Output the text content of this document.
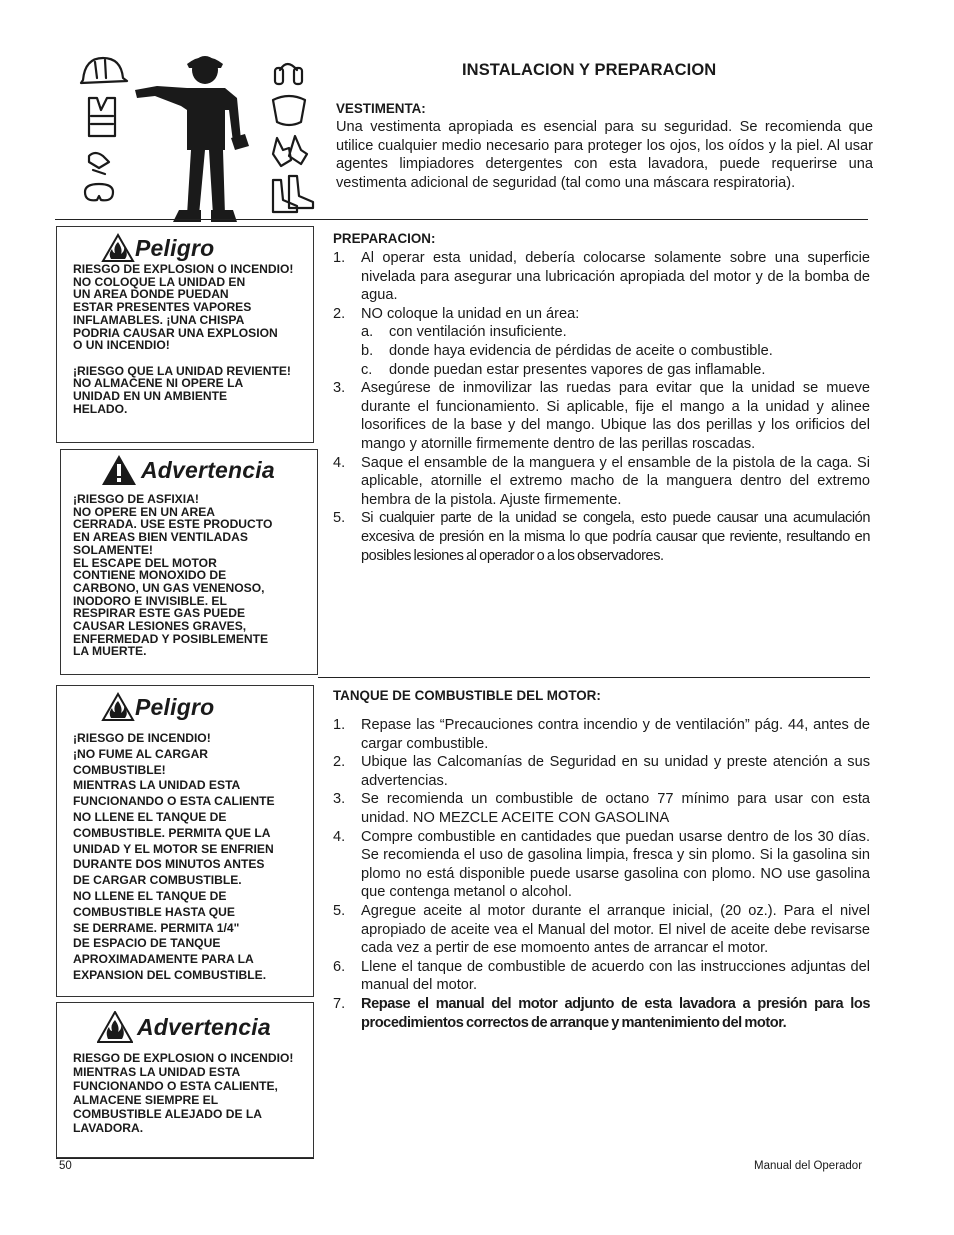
INSTALACION Y PREPARACION
VESTIMENTA:
Una vestimenta apropiada es esencial para su seguridad. Se recomienda que utilice cualquier medio necesario para proteger los ojos, los oídos y la piel. Al usar agentes limpiadores detergentes con esta lavadora, puede requerirse una vestimenta adicional de seguridad (tal como una máscara respiratoria).
Peligro

RIESGO DE EXPLOSION O INCENDIO!

NO COLOQUE LA UNIDAD EN

UN AREA DONDE PUEDAN

ESTAR PRESENTES VAPORES

INFLAMABLES. ¡UNA CHISPA

PODRIA CAUSAR UNA EXPLOSION

O UN INCENDIO!

¡RIESGO QUE LA UNIDAD REVIENTE!

NO ALMACENE NI OPERE LA

UNIDAD EN UN AMBIENTE

HELADO.

Advertencia

¡RIESGO DE ASFIXIA!

NO OPERE EN UN AREA

CERRADA. USE ESTE PRODUCTO

EN AREAS BIEN VENTILADAS

SOLAMENTE!

EL ESCAPE DEL MOTOR

CONTIENE MONOXIDO DE

CARBONO, UN GAS VENENOSO,

INODORO E INVISIBLE. EL

RESPIRAR ESTE GAS PUEDE

CAUSAR LESIONES GRAVES,

ENFERMEDAD Y POSIBLEMENTE

LA MUERTE.

PREPARACION:
1. Al operar esta unidad, debería colocarse solamente sobre una superficie nivelada para asegurar una lubricación apropiada del motor y de la bomba de agua.
2. NO coloque la unidad en un área:
a. con ventilación insuficiente.
b. donde haya evidencia de pérdidas de aceite o combustible.
c. donde puedan estar presentes vapores de gas inflamable.
3. Asegúrese de inmovilizar las ruedas para evitar que la unidad se mueve durante el funcionamiento. Si aplicable, fije el mango a la unidad y alinee losorifices de la base y del mango. Ubique las dos perillas y los orificios del mango y atornille firmemente dentro de las perillas roscadas.
4. Saque el ensamble de la manguera y el ensamble de la pistola de la caga. Si aplicable, atornille el extremo macho de la manguera dentro del extremo hembra de la pistola. Ajuste firmemente.
5. Si cualquier parte de la unidad se congela, esto puede causar una acumulación excesiva de presión en la misma lo que podría causar que reviente, resultando en posibles lesiones al operador o a los observadores.
Peligro

¡RIESGO DE INCENDIO!

¡NO FUME AL CARGAR

COMBUSTIBLE!

MIENTRAS LA UNIDAD ESTA

FUNCIONANDO O ESTA CALIENTE

NO LLENE EL TANQUE DE

COMBUSTIBLE. PERMITA QUE LA

UNIDAD Y EL MOTOR SE ENFRIEN

DURANTE DOS MINUTOS ANTES

DE CARGAR COMBUSTIBLE.

NO LLENE EL TANQUE DE

COMBUSTIBLE HASTA QUE

SE DERRAME. PERMITA 1/4"

DE ESPACIO DE TANQUE

APROXIMADAMENTE PARA LA

EXPANSION DEL COMBUSTIBLE.

Advertencia

RIESGO DE EXPLOSION O INCENDIO!

MIENTRAS LA UNIDAD ESTA

FUNCIONANDO O ESTA CALIENTE,

ALMACENE SIEMPRE EL

COMBUSTIBLE ALEJADO DE LA

LAVADORA.

TANQUE DE COMBUSTIBLE DEL MOTOR:
1. Repase las “Precauciones contra incendio y de ventilación” pág. 44, antes de cargar combustible.
2. Ubique las Calcomanías de Seguridad en su unidad y preste atención a sus advertencias.
3. Se recomienda un combustible de octano 77 mínimo para usar con esta unidad. NO MEZCLE ACEITE CON GASOLINA
4. Compre combustible en cantidades que puedan usarse dentro de los 30 días. Se recomienda el uso de gasolina limpia, fresca y sin plomo. Si la gasolina sin plomo no está disponible puede usarse gasolina con plomo. NO use gasolina que contenga metanol o alcohol.
5. Agregue aceite al motor durante el arranque inicial, (20 oz.). Para el nivel apropiado de aceite vea el Manual del motor. El nivel de aceite debe revisarse cada vez a pertir de ese momoento antes de arrancar el motor.
6. Llene el tanque de combustible de acuerdo con las instrucciones adjuntas del manual del motor.
7. Repase el manual del motor adjunto de esta lavadora a presión para los procedimientos correctos de arranque y mantenimiento del motor.
50	Manual del Operador
